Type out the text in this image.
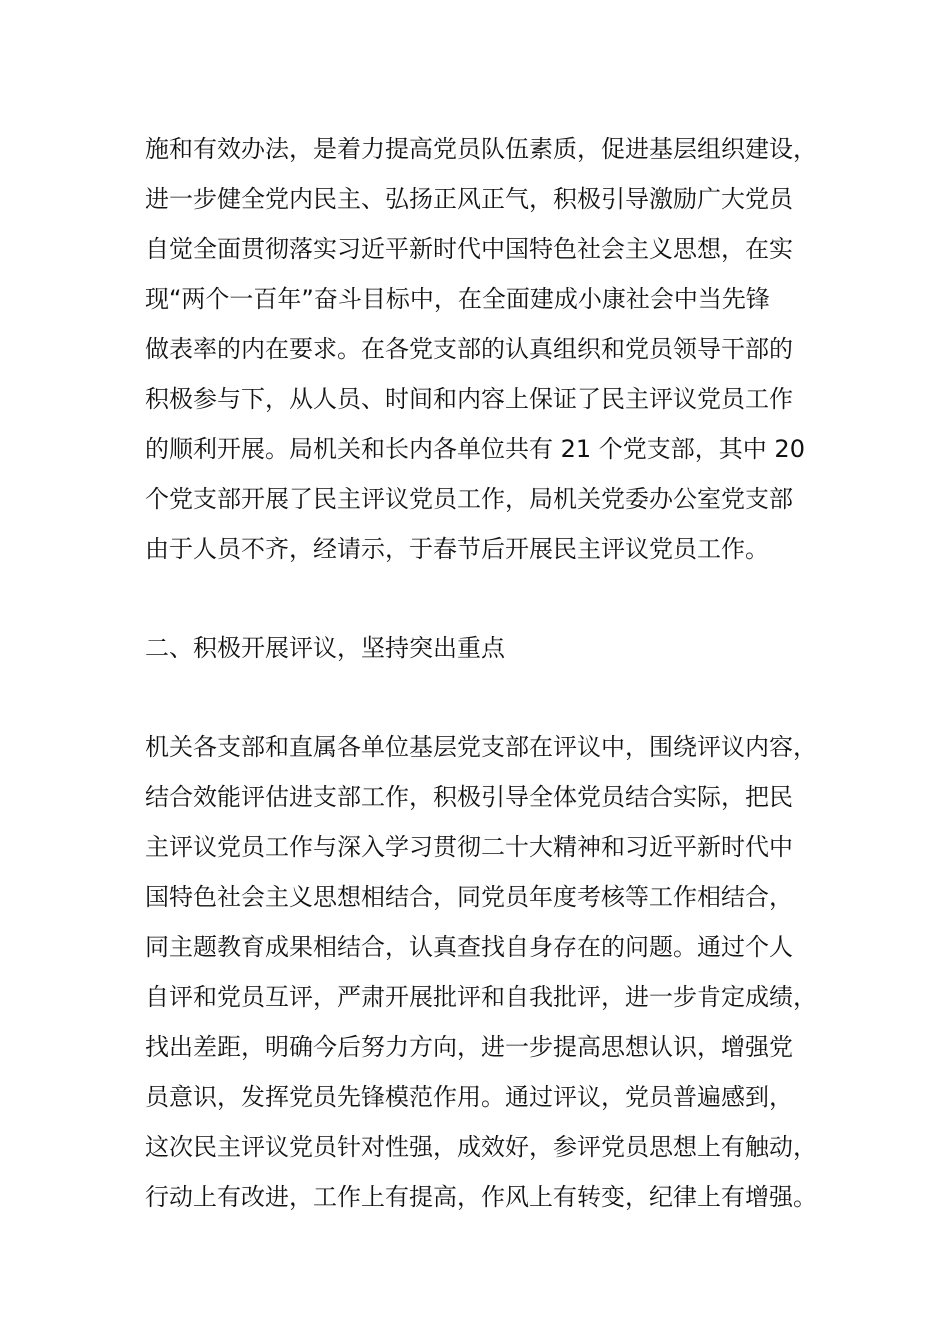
施和有效办法，是着力提高党员队伍素质，促进基层组织建设，
进一步健全党内民主、弘扬正风正气，积极引导激励广大党员
自觉全面贯彻落实习近平新时代中国特色社会主义思想，在实
现“两个一百年”奋斗目标中，在全面建成小康社会中当先锋
做表率的内在要求。在各党支部的认真组织和党员领导干部的
积极参与下，从人员、时间和内容上保证了民主评议党员工作
的顺利开展。局机关和长内各单位共有 21 个党支部，其中 20
个党支部开展了民主评议党员工作，局机关党委办公室党支部
由于人员不齐，经请示，于春节后开展民主评议党员工作。

二、积极开展评议，坚持突出重点

机关各支部和直属各单位基层党支部在评议中，围绕评议内容，
结合效能评估进支部工作，积极引导全体党员结合实际，把民
主评议党员工作与深入学习贯彻二十大精神和习近平新时代中
国特色社会主义思想相结合，同党员年度考核等工作相结合，
同主题教育成果相结合，认真查找自身存在的问题。通过个人
自评和党员互评，严肃开展批评和自我批评，进一步肯定成绩，
找出差距，明确今后努力方向，进一步提高思想认识，增强党
员意识，发挥党员先锋模范作用。通过评议，党员普遍感到，
这次民主评议党员针对性强，成效好，参评党员思想上有触动，
行动上有改进，工作上有提高，作风上有转变，纪律上有增强。
